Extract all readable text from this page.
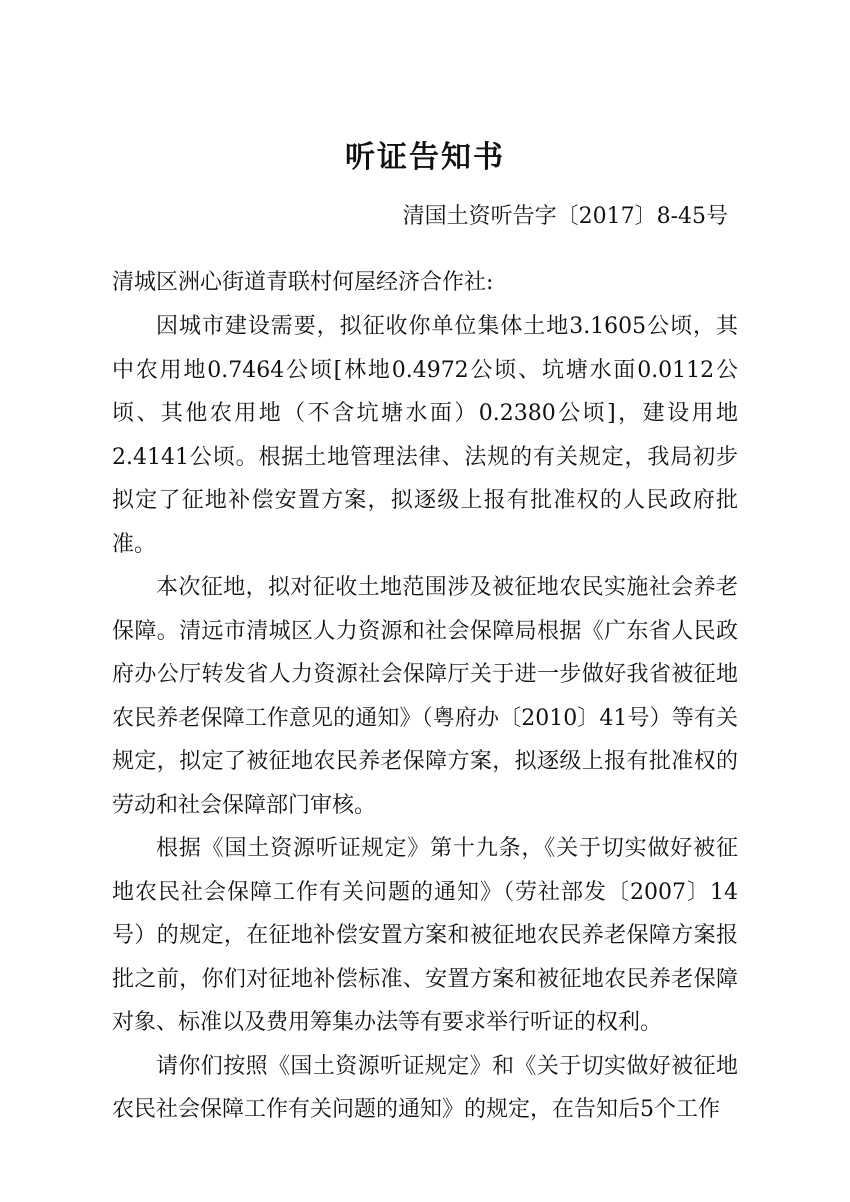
听证告知书
清国土资听告字〔2017〕8-45号
清城区洲心街道青联村何屋经济合作社:

因城市建设需要，拟征收你单位集体土地3.1605公顷，其中农用地0.7464公顷[林地0.4972公顷、坑塘水面0.0112公顷、其他农用地（不含坑塘水面）0.2380公顷]，建设用地2.4141公顷。根据土地管理法律、法规的有关规定，我局初步拟定了征地补偿安置方案，拟逐级上报有批准权的人民政府批准。

本次征地，拟对征收土地范围涉及被征地农民实施社会养老保障。清远市清城区人力资源和社会保障局根据《广东省人民政府办公厅转发省人力资源社会保障厅关于进一步做好我省被征地农民养老保障工作意见的通知》（粤府办〔2010〕41号）等有关规定，拟定了被征地农民养老保障方案，拟逐级上报有批准权的劳动和社会保障部门审核。

根据《国土资源听证规定》第十九条，《关于切实做好被征地农民社会保障工作有关问题的通知》（劳社部发〔2007〕14号）的规定，在征地补偿安置方案和被征地农民养老保障方案报批之前，你们对征地补偿标准、安置方案和被征地农民养老保障对象、标准以及费用筹集办法等有要求举行听证的权利。

请你们按照《国土资源听证规定》和《关于切实做好被征地农民社会保障工作有关问题的通知》的规定，在告知后5个工作
